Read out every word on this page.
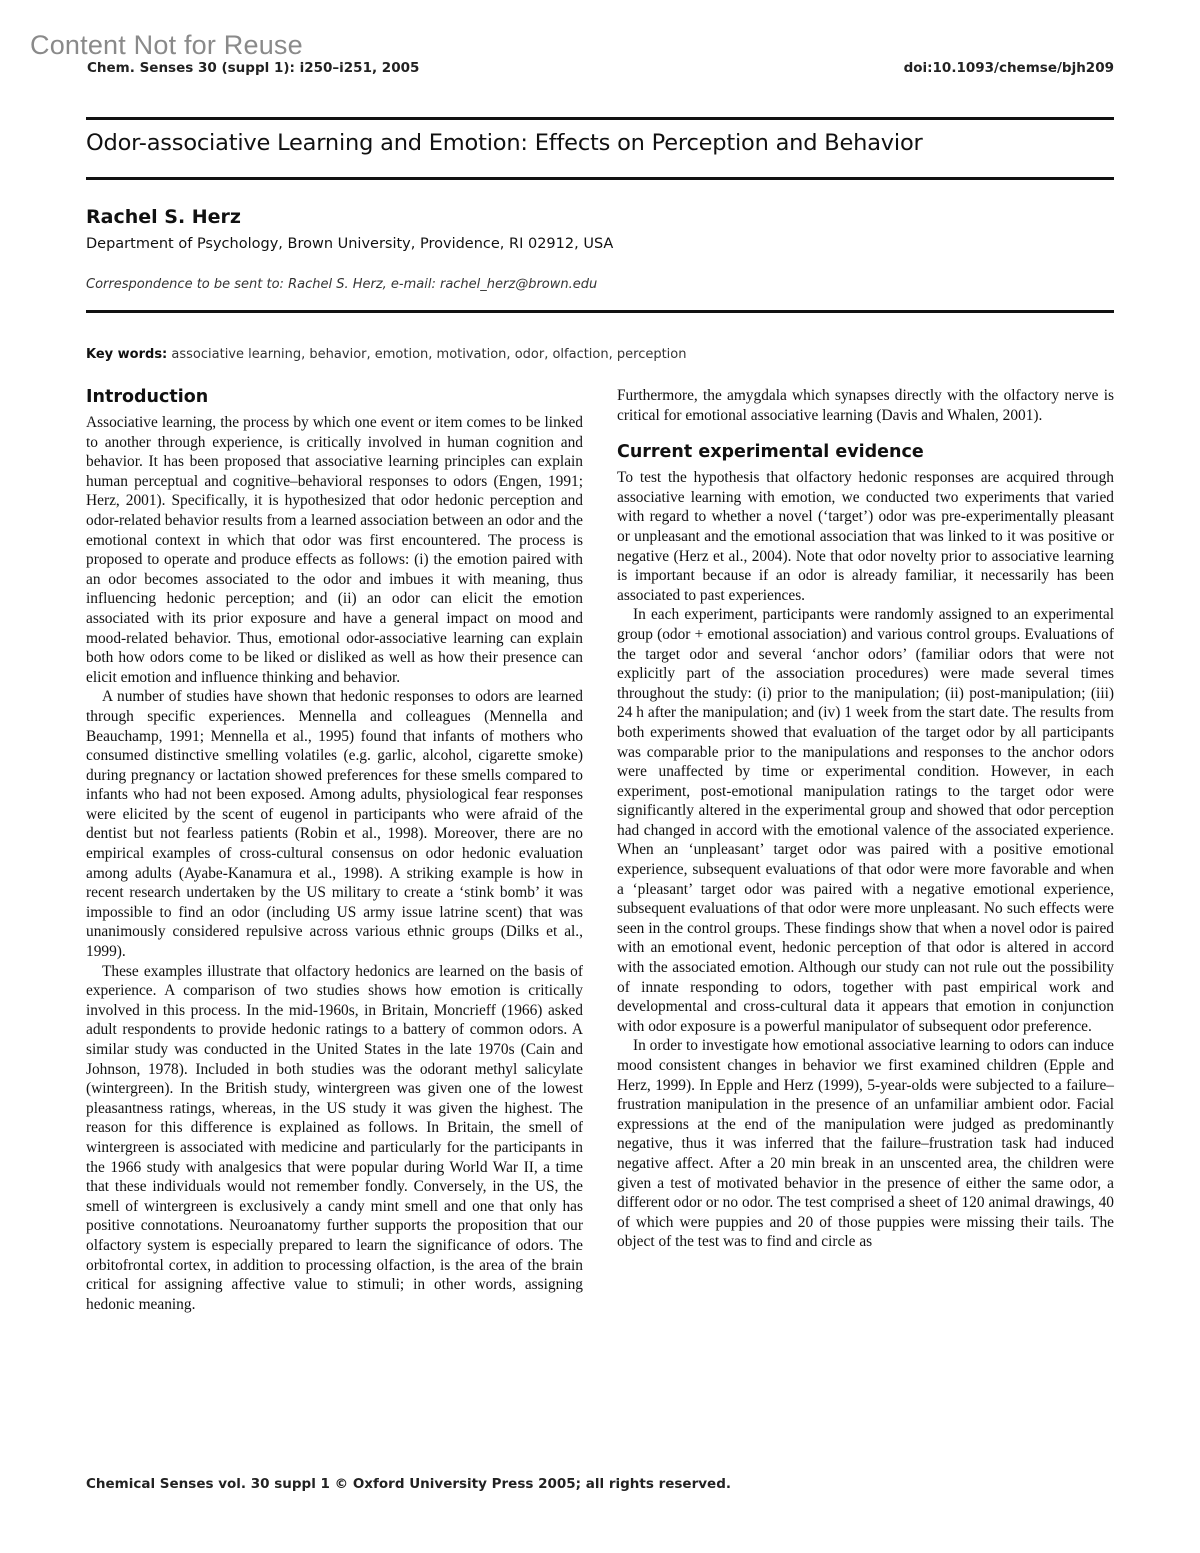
Content Not for Reuse
Chem. Senses 30 (suppl 1): i250–i251, 2005	doi:10.1093/chemse/bjh209
Odor-associative Learning and Emotion: Effects on Perception and Behavior
Rachel S. Herz
Department of Psychology, Brown University, Providence, RI 02912, USA
Correspondence to be sent to: Rachel S. Herz, e-mail: rachel_herz@brown.edu
Key words: associative learning, behavior, emotion, motivation, odor, olfaction, perception
Introduction

Associative learning, the process by which one event or item comes to be linked to another through experience, is critically involved in human cognition and behavior. It has been proposed that associative learning principles can explain human perceptual and cognitive–behavioral responses to odors (Engen, 1991; Herz, 2001). Specifically, it is hypothesized that odor hedonic perception and odor-related behavior results from a learned association between an odor and the emotional context in which that odor was first encountered. The process is proposed to operate and produce effects as follows: (i) the emotion paired with an odor becomes associated to the odor and imbues it with meaning, thus influencing hedonic perception; and (ii) an odor can elicit the emotion associated with its prior exposure and have a general impact on mood and mood-related behavior. Thus, emotional odor-associative learning can explain both how odors come to be liked or disliked as well as how their presence can elicit emotion and influence thinking and behavior.

A number of studies have shown that hedonic responses to odors are learned through specific experiences. Mennella and colleagues (Mennella and Beauchamp, 1991; Mennella et al., 1995) found that infants of mothers who consumed distinctive smelling volatiles (e.g. garlic, alcohol, cigarette smoke) during pregnancy or lactation showed preferences for these smells compared to infants who had not been exposed. Among adults, physiological fear responses were elicited by the scent of eugenol in participants who were afraid of the dentist but not fearless patients (Robin et al., 1998). Moreover, there are no empirical examples of cross-cultural consensus on odor hedonic evaluation among adults (Ayabe-Kanamura et al., 1998). A striking example is how in recent research undertaken by the US military to create a ‘stink bomb’ it was impossible to find an odor (including US army issue latrine scent) that was unanimously considered repulsive across various ethnic groups (Dilks et al., 1999).

These examples illustrate that olfactory hedonics are learned on the basis of experience. A comparison of two studies shows how emotion is critically involved in this process. In the mid-1960s, in Britain, Moncrieff (1966) asked adult respondents to provide hedonic ratings to a battery of common odors. A similar study was conducted in the United States in the late 1970s (Cain and Johnson, 1978). Included in both studies was the odorant methyl salicylate (wintergreen). In the British study, wintergreen was given one of the lowest pleasantness ratings, whereas, in the US study it was given the highest. The reason for this difference is explained as follows. In Britain, the smell of wintergreen is associated with medicine and particularly for the participants in the 1966 study with analgesics that were popular during World War II, a time that these individuals would not remember fondly. Conversely, in the US, the smell of wintergreen is exclusively a candy mint smell and one that only has positive connotations. Neuroanatomy further supports the proposition that our olfactory system is especially prepared to learn the significance of odors. The orbitofrontal cortex, in addition to processing olfaction, is the area of the brain critical for assigning affective value to stimuli; in other words, assigning hedonic meaning.

Furthermore, the amygdala which synapses directly with the olfactory nerve is critical for emotional associative learning (Davis and Whalen, 2001).

Current experimental evidence

To test the hypothesis that olfactory hedonic responses are acquired through associative learning with emotion, we conducted two experiments that varied with regard to whether a novel (‘target’) odor was pre-experimentally pleasant or unpleasant and the emotional association that was linked to it was positive or negative (Herz et al., 2004). Note that odor novelty prior to associative learning is important because if an odor is already familiar, it necessarily has been associated to past experiences.

In each experiment, participants were randomly assigned to an experimental group (odor + emotional association) and various control groups. Evaluations of the target odor and several ‘anchor odors’ (familiar odors that were not explicitly part of the association procedures) were made several times throughout the study: (i) prior to the manipulation; (ii) post-manipulation; (iii) 24 h after the manipulation; and (iv) 1 week from the start date. The results from both experiments showed that evaluation of the target odor by all participants was comparable prior to the manipulations and responses to the anchor odors were unaffected by time or experimental condition. However, in each experiment, post-emotional manipulation ratings to the target odor were significantly altered in the experimental group and showed that odor perception had changed in accord with the emotional valence of the associated experience. When an ‘unpleasant’ target odor was paired with a positive emotional experience, subsequent evaluations of that odor were more favorable and when a ‘pleasant’ target odor was paired with a negative emotional experience, subsequent evaluations of that odor were more unpleasant. No such effects were seen in the control groups. These findings show that when a novel odor is paired with an emotional event, hedonic perception of that odor is altered in accord with the associated emotion. Although our study can not rule out the possibility of innate responding to odors, together with past empirical work and developmental and cross-cultural data it appears that emotion in conjunction with odor exposure is a powerful manipulator of subsequent odor preference.

In order to investigate how emotional associative learning to odors can induce mood consistent changes in behavior we first examined children (Epple and Herz, 1999). In Epple and Herz (1999), 5-year-olds were subjected to a failure–frustration manipulation in the presence of an unfamiliar ambient odor. Facial expressions at the end of the manipulation were judged as predominantly negative, thus it was inferred that the failure–frustration task had induced negative affect. After a 20 min break in an unscented area, the children were given a test of motivated behavior in the presence of either the same odor, a different odor or no odor. The test comprised a sheet of 120 animal drawings, 40 of which were puppies and 20 of those puppies were missing their tails. The object of the test was to find and circle as

Chemical Senses vol. 30 suppl 1 © Oxford University Press 2005; all rights reserved.
